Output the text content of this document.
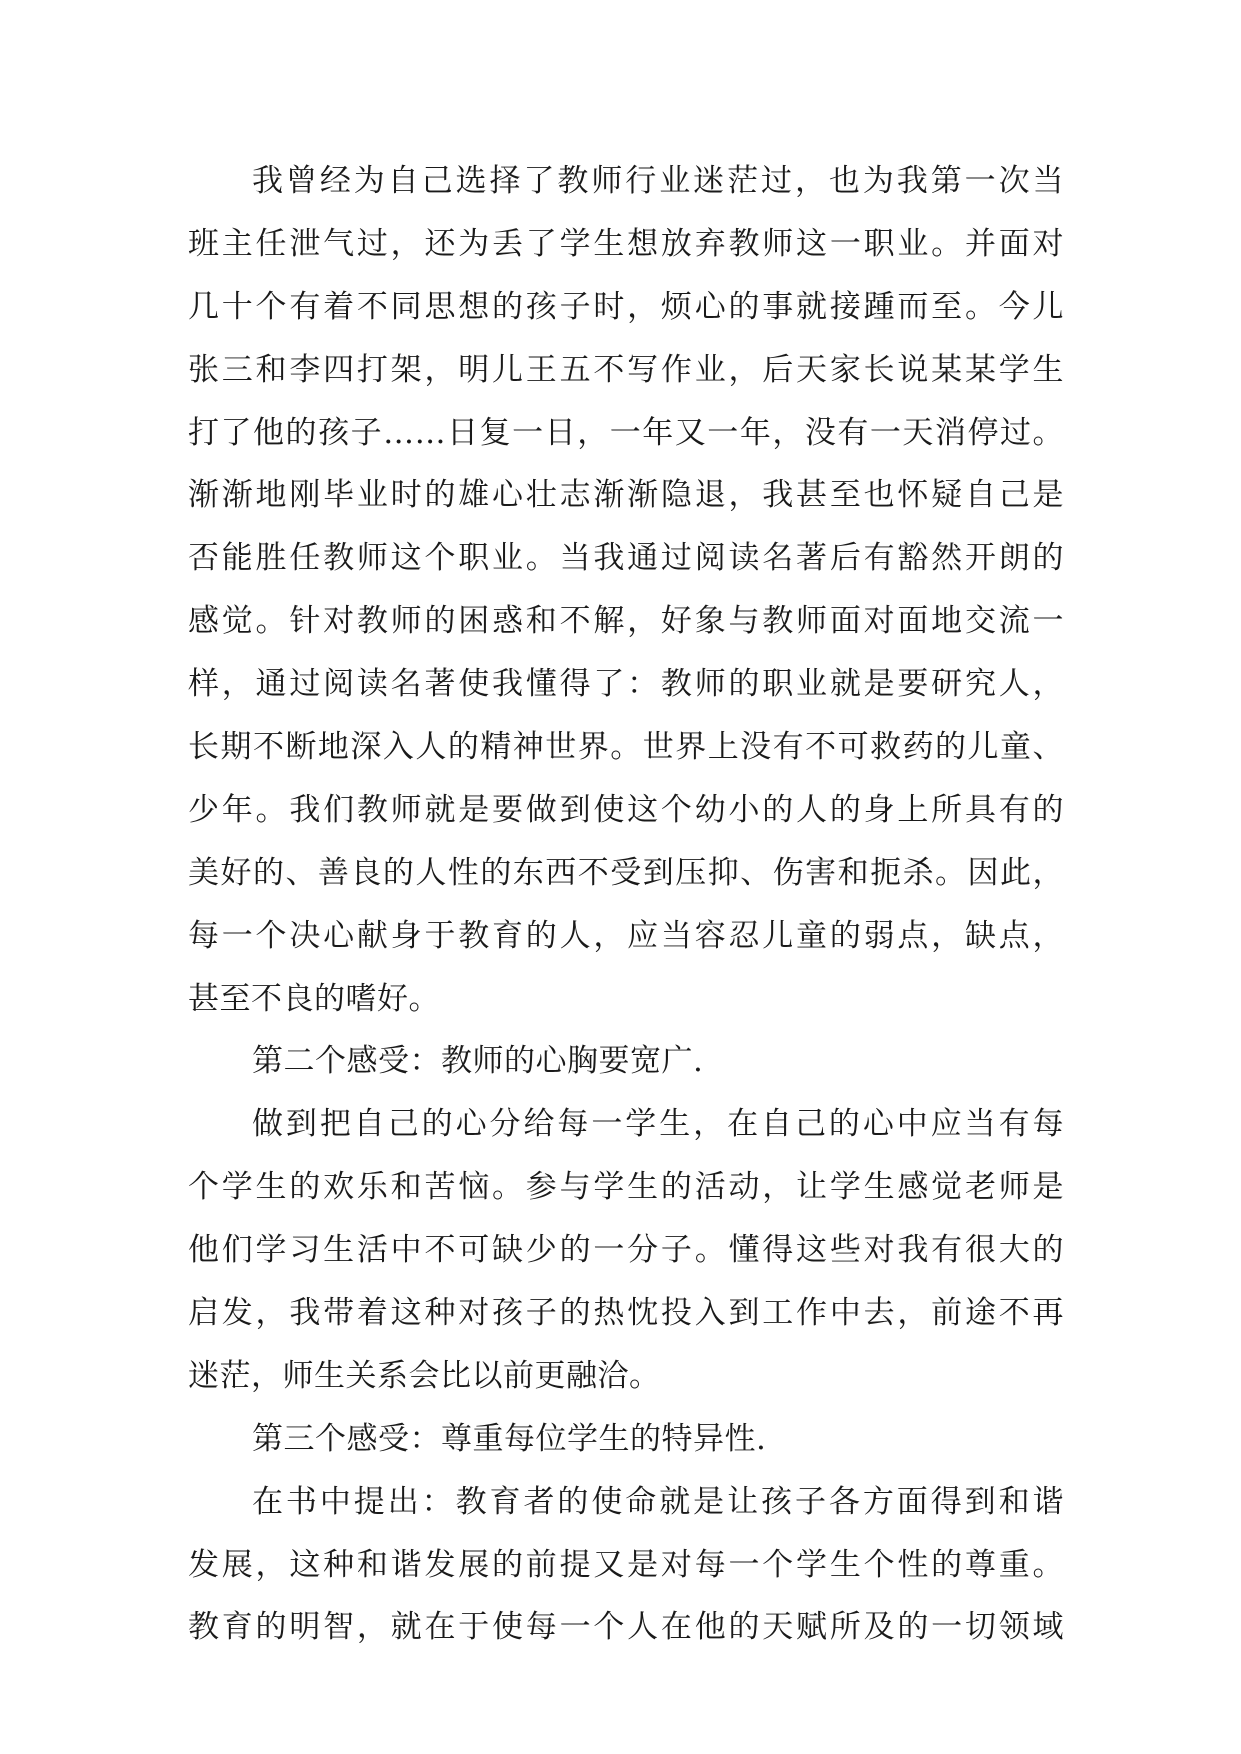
我曾经为自己选择了教师行业迷茫过，也为我第一次当
班主任泄气过，还为丢了学生想放弃教师这一职业。并面对
几十个有着不同思想的孩子时，烦心的事就接踵而至。今儿
张三和李四打架，明儿王五不写作业，后天家长说某某学生
打了他的孩子……日复一日，一年又一年，没有一天消停过。
渐渐地刚毕业时的雄心壮志渐渐隐退，我甚至也怀疑自己是
否能胜任教师这个职业。当我通过阅读名著后有豁然开朗的
感觉。针对教师的困惑和不解，好象与教师面对面地交流一
样，通过阅读名著使我懂得了：教师的职业就是要研究人，
长期不断地深入人的精神世界。世界上没有不可救药的儿童、
少年。我们教师就是要做到使这个幼小的人的身上所具有的
美好的、善良的人性的东西不受到压抑、伤害和扼杀。因此，
每一个决心献身于教育的人，应当容忍儿童的弱点，缺点，
甚至不良的嗜好。
第二个感受：教师的心胸要宽广.
做到把自己的心分给每一学生，在自己的心中应当有每
个学生的欢乐和苦恼。参与学生的活动，让学生感觉老师是
他们学习生活中不可缺少的一分子。懂得这些对我有很大的
启发，我带着这种对孩子的热忱投入到工作中去，前途不再
迷茫，师生关系会比以前更融洽。
第三个感受：尊重每位学生的特异性.
在书中提出：教育者的使命就是让孩子各方面得到和谐
发展，这种和谐发展的前提又是对每一个学生个性的尊重。
教育的明智，就在于使每一个人在他的天赋所及的一切领域
